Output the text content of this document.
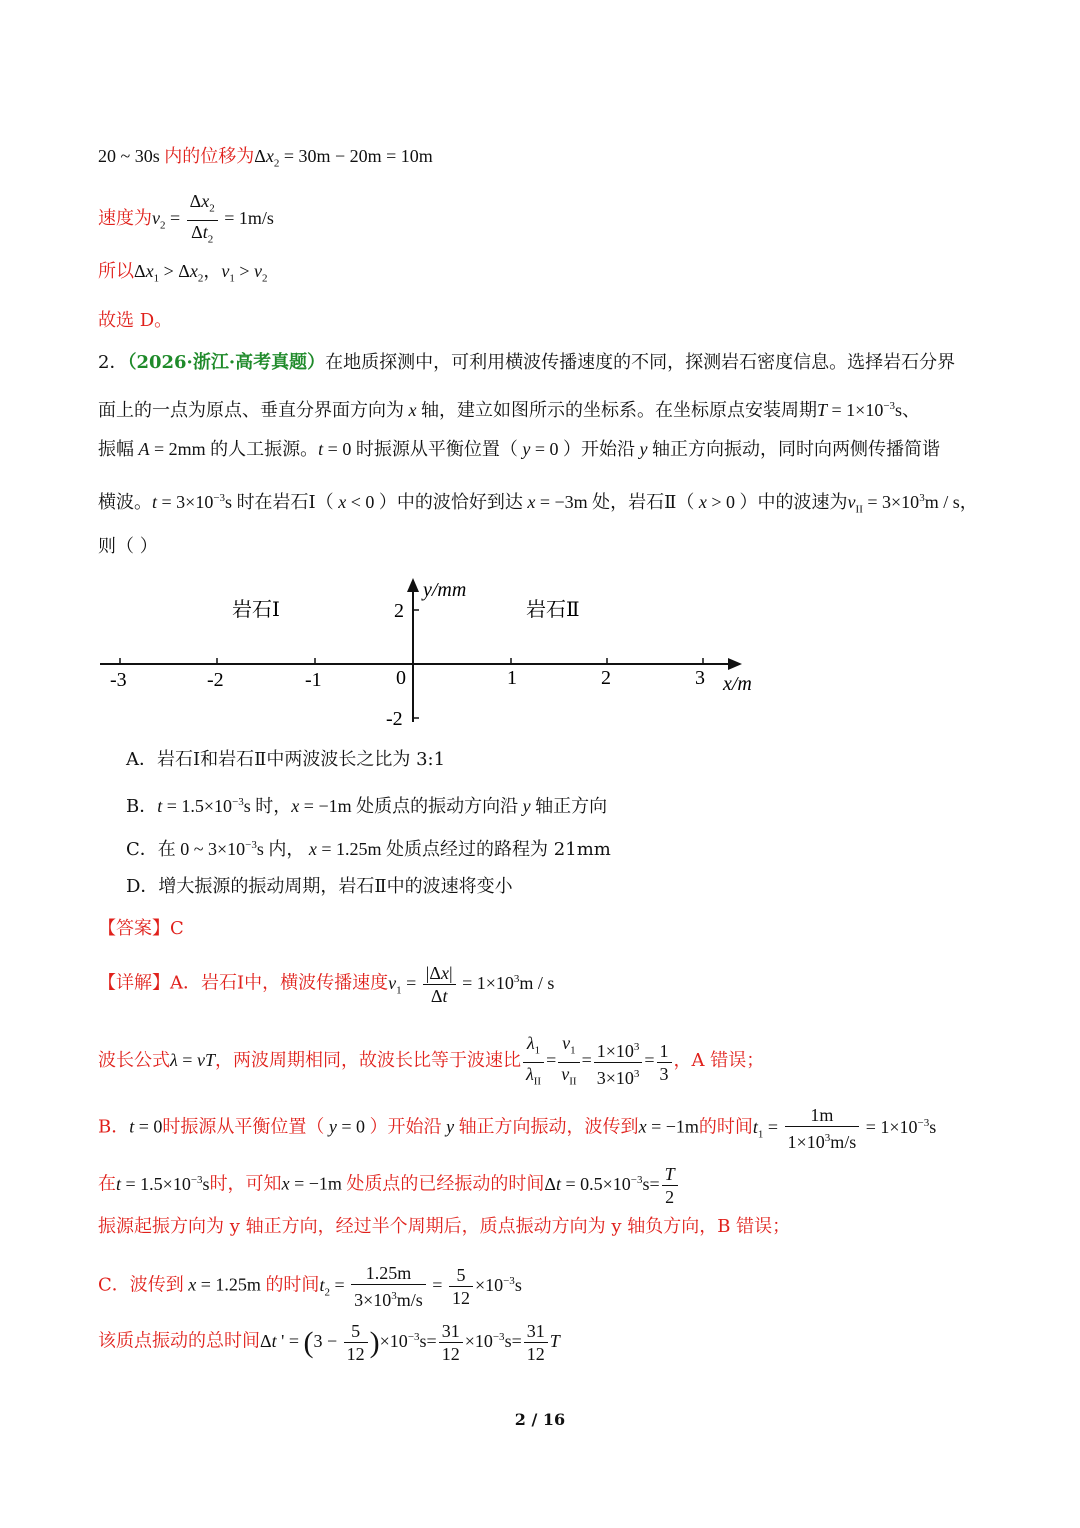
20 ~ 30s 内的位移为$\Delta x_2 = 30m - 20m = 10m$
速度为$v_2 = \frac{\Delta x_2}{\Delta t_2} = 1m/s$
所以$\Delta x_1 > \Delta x_2$，$v_1 > v_2$
故选 D。
2．（2026·浙江·高考真题）在地质探测中，可利用横波传播速度的不同，探测岩石密度信息。选择岩石分界
面上的一点为原点、垂直分界面方向为 x 轴，建立如图所示的坐标系。在坐标原点安装周期$T = 1\times 10^{-3}s$、
振幅 A = 2mm 的人工振源。t = 0 时振源从平衡位置（ y = 0 ）开始沿 y 轴正方向振动，同时向两侧传播简谐
横波。$t = 3\times 10^{-3}s$ 时在岩石Ⅰ（ x < 0 ）中的波恰好到达 x = −3m 处，岩石Ⅱ（ x > 0 ）中的波速为$v_{II} = 3\times 10^3m / s$，
则（ ）
y/mm
x/m
岩石Ⅰ	岩石Ⅱ
2
-2
-3	-2	-1	0	1	2	3
A．岩石Ⅰ和岩石Ⅱ中两波波长之比为 3:1
B．$t = 1.5\times 10^{-3}s$ 时，x = −1m 处质点的振动方向沿 y 轴正方向
C．在 0 ~ $3\times 10^{-3}s$ 内， x = 1.25m 处质点经过的路程为 21mm
D．增大振源的振动周期，岩石Ⅱ中的波速将变小
【答案】C
【详解】A．岩石Ⅰ中，横波传播速度$v_1 = \frac{|\Delta x|}{\Delta t} = 1\times 10^3m / s$
波长公式λ = vT，两波周期相同，故波长比等于波速比 $\frac{\lambda_1}{\lambda_{II}} = \frac{v_1}{v_{II}} = \frac{1\times 10^3}{3\times 10^3} = \frac{1}{3}$ ，A 错误；
B．t = 0时振源从平衡位置（ y = 0 ）开始沿 y 轴正方向振动，波传到x = −1m的时间$t_1 = \frac{1m}{1\times 10^3m/s} = 1\times 10^{-3}s$
在$t = 1.5\times 10^{-3}s$时，可知x = −1m 处质点的已经振动的时间$\Delta t = 0.5\times 10^{-3}s= \frac{T}{2}$
振源起振方向为 y 轴正方向，经过半个周期后，质点振动方向为 y 轴负方向，B 错误；
C．波传到 x = 1.25m 的时间$t_2 = \frac{1.25m}{3\times 10^3m/s} = \frac{5}{12} \times 10^{-3}s$
该质点振动的总时间Δt ' = $(3 - \frac{5}{12} )\times 10^{-3}s= \frac{31}{12} \times 10^{-3}s= \frac{31}{12}$ T
2 / 16
